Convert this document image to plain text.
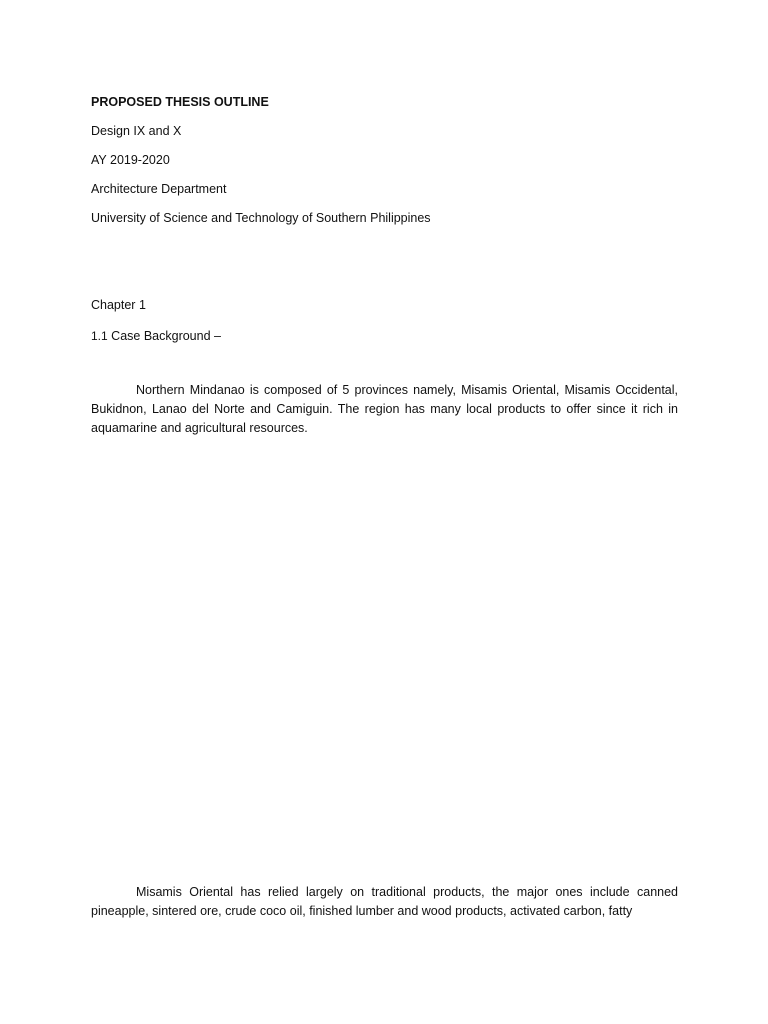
PROPOSED THESIS OUTLINE
Design IX and X
AY 2019-2020
Architecture Department
University of Science and Technology of Southern Philippines
Chapter 1
1.1 Case Background –
Northern Mindanao is composed of 5 provinces namely, Misamis Oriental, Misamis Occidental, Bukidnon, Lanao del Norte and Camiguin. The region has many local products to offer since it rich in aquamarine and agricultural resources.
Misamis Oriental has relied largely on traditional products, the major ones include canned pineapple, sintered ore, crude coco oil, finished lumber and wood products, activated carbon, fatty
